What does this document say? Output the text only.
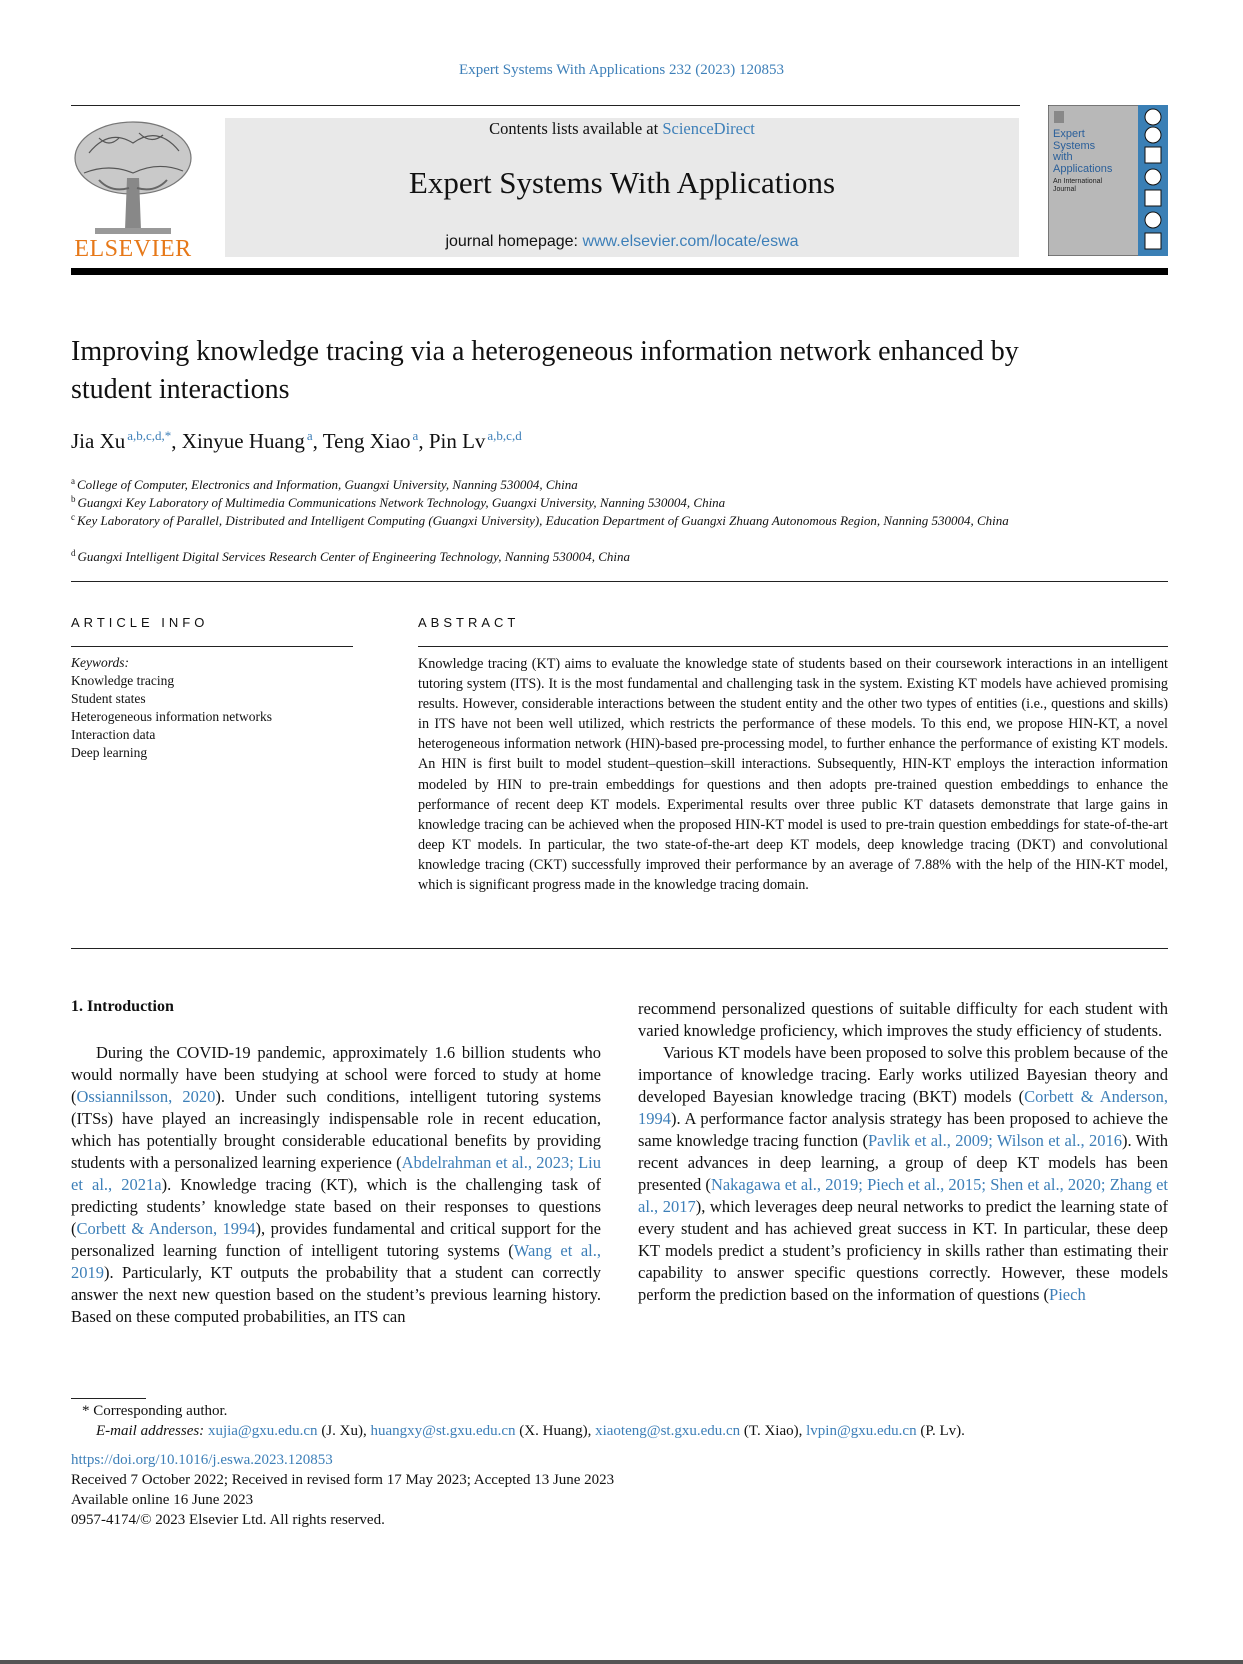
Expert Systems With Applications 232 (2023) 120853
ELSEVIER
Contents lists available at ScienceDirect
Expert Systems With Applications
journal homepage: www.elsevier.com/locate/eswa
Expert
Systems
with
Applications
An International
Journal
Improving knowledge tracing via a heterogeneous information network enhanced by student interactions
Jia Xu $^{a,b,c,d,*}$, Xinyue Huang $^a$, Teng Xiao $^a$, Pin Lv $^{a,b,c,d}$
$^a$ College of Computer, Electronics and Information, Guangxi University, Nanning 530004, China
$^b$ Guangxi Key Laboratory of Multimedia Communications Network Technology, Guangxi University, Nanning 530004, China
$^c$ Key Laboratory of Parallel, Distributed and Intelligent Computing (Guangxi University), Education Department of Guangxi Zhuang Autonomous Region, Nanning 530004, China
$^d$ Guangxi Intelligent Digital Services Research Center of Engineering Technology, Nanning 530004, China
ARTICLE INFO	ABSTRACT
Keywords:
Knowledge tracing
Student states
Heterogeneous information networks
Interaction data
Deep learning

Knowledge tracing (KT) aims to evaluate the knowledge state of students based on their coursework interactions in an intelligent tutoring system (ITS). It is the most fundamental and challenging task in the system. Existing KT models have achieved promising results. However, considerable interactions between the student entity and the other two types of entities (i.e., questions and skills) in ITS have not been well utilized, which restricts the performance of these models. To this end, we propose HIN-KT, a novel heterogeneous information network (HIN)-based pre-processing model, to further enhance the performance of existing KT models. An HIN is first built to model student–question–skill interactions. Subsequently, HIN-KT employs the interaction information modeled by HIN to pre-train embeddings for questions and then adopts pre-trained question embeddings to enhance the performance of recent deep KT models. Experimental results over three public KT datasets demonstrate that large gains in knowledge tracing can be achieved when the proposed HIN-KT model is used to pre-train question embeddings for state-of-the-art deep KT models. In particular, the two state-of-the-art deep KT models, deep knowledge tracing (DKT) and convolutional knowledge tracing (CKT) successfully improved their performance by an average of 7.88% with the help of the HIN-KT model, which is significant progress made in the knowledge tracing domain.

1. Introduction

During the COVID-19 pandemic, approximately 1.6 billion students who would normally have been studying at school were forced to study at home (Ossiannilsson, 2020). Under such conditions, intelligent tutoring systems (ITSs) have played an increasingly indispensable role in recent education, which has potentially brought considerable educational benefits by providing students with a personalized learning experience (Abdelrahman et al., 2023; Liu et al., 2021a). Knowledge tracing (KT), which is the challenging task of predicting students’ knowledge state based on their responses to questions (Corbett & Anderson, 1994), provides fundamental and critical support for the personalized learning function of intelligent tutoring systems (Wang et al., 2019). Particularly, KT outputs the probability that a student can correctly answer the next new question based on the student’s previous learning history. Based on these computed probabilities, an ITS can

recommend personalized questions of suitable difficulty for each student with varied knowledge proficiency, which improves the study efficiency of students.

Various KT models have been proposed to solve this problem because of the importance of knowledge tracing. Early works utilized Bayesian theory and developed Bayesian knowledge tracing (BKT) models (Corbett & Anderson, 1994). A performance factor analysis strategy has been proposed to achieve the same knowledge tracing function (Pavlik et al., 2009; Wilson et al., 2016). With recent advances in deep learning, a group of deep KT models has been presented (Nakagawa et al., 2019; Piech et al., 2015; Shen et al., 2020; Zhang et al., 2017), which leverages deep neural networks to predict the learning state of every student and has achieved great success in KT. In particular, these deep KT models predict a student’s proficiency in skills rather than estimating their capability to answer specific questions correctly. However, these models perform the prediction based on the information of questions (Piech

* Corresponding author.
E-mail addresses: xujia@gxu.edu.cn (J. Xu), huangxy@st.gxu.edu.cn (X. Huang), xiaoteng@st.gxu.edu.cn (T. Xiao), lvpin@gxu.edu.cn (P. Lv).
https://doi.org/10.1016/j.eswa.2023.120853
Received 7 October 2022; Received in revised form 17 May 2023; Accepted 13 June 2023
Available online 16 June 2023
0957-4174/© 2023 Elsevier Ltd. All rights reserved.
